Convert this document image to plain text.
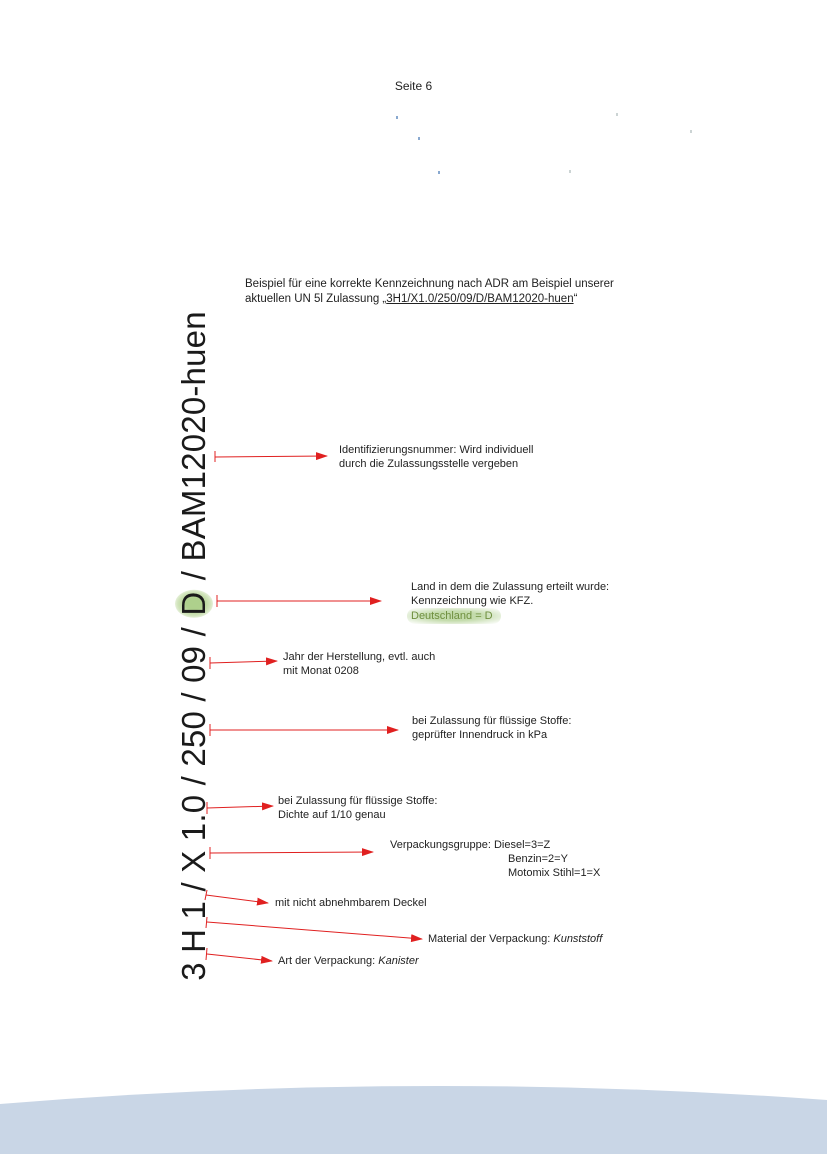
Seite 6
Beispiel für eine korrekte Kennzeichnung nach ADR am Beispiel unserer
aktuellen UN 5l Zulassung „3H1/X1.0/250/09/D/BAM12020-huen“
3 H 1 / X 1.0 / 250 / 09 / D / BAM12020-huen	Identifizierungsnummer: Wird individuell
durch die Zulassungsstelle vergeben
Land in dem die Zulassung erteilt wurde:
Kennzeichnung wie KFZ.
Deutschland = D
Jahr der Herstellung, evtl. auch
mit Monat 0208
bei Zulassung für flüssige Stoffe:
geprüfter Innendruck in kPa
bei Zulassung für flüssige Stoffe:
Dichte auf 1/10 genau
Verpackungsgruppe: Diesel=3=Z
Benzin=2=Y
Motomix Stihl=1=X
mit nicht abnehmbarem Deckel
Material der Verpackung: Kunststoff
Art der Verpackung: Kanister
